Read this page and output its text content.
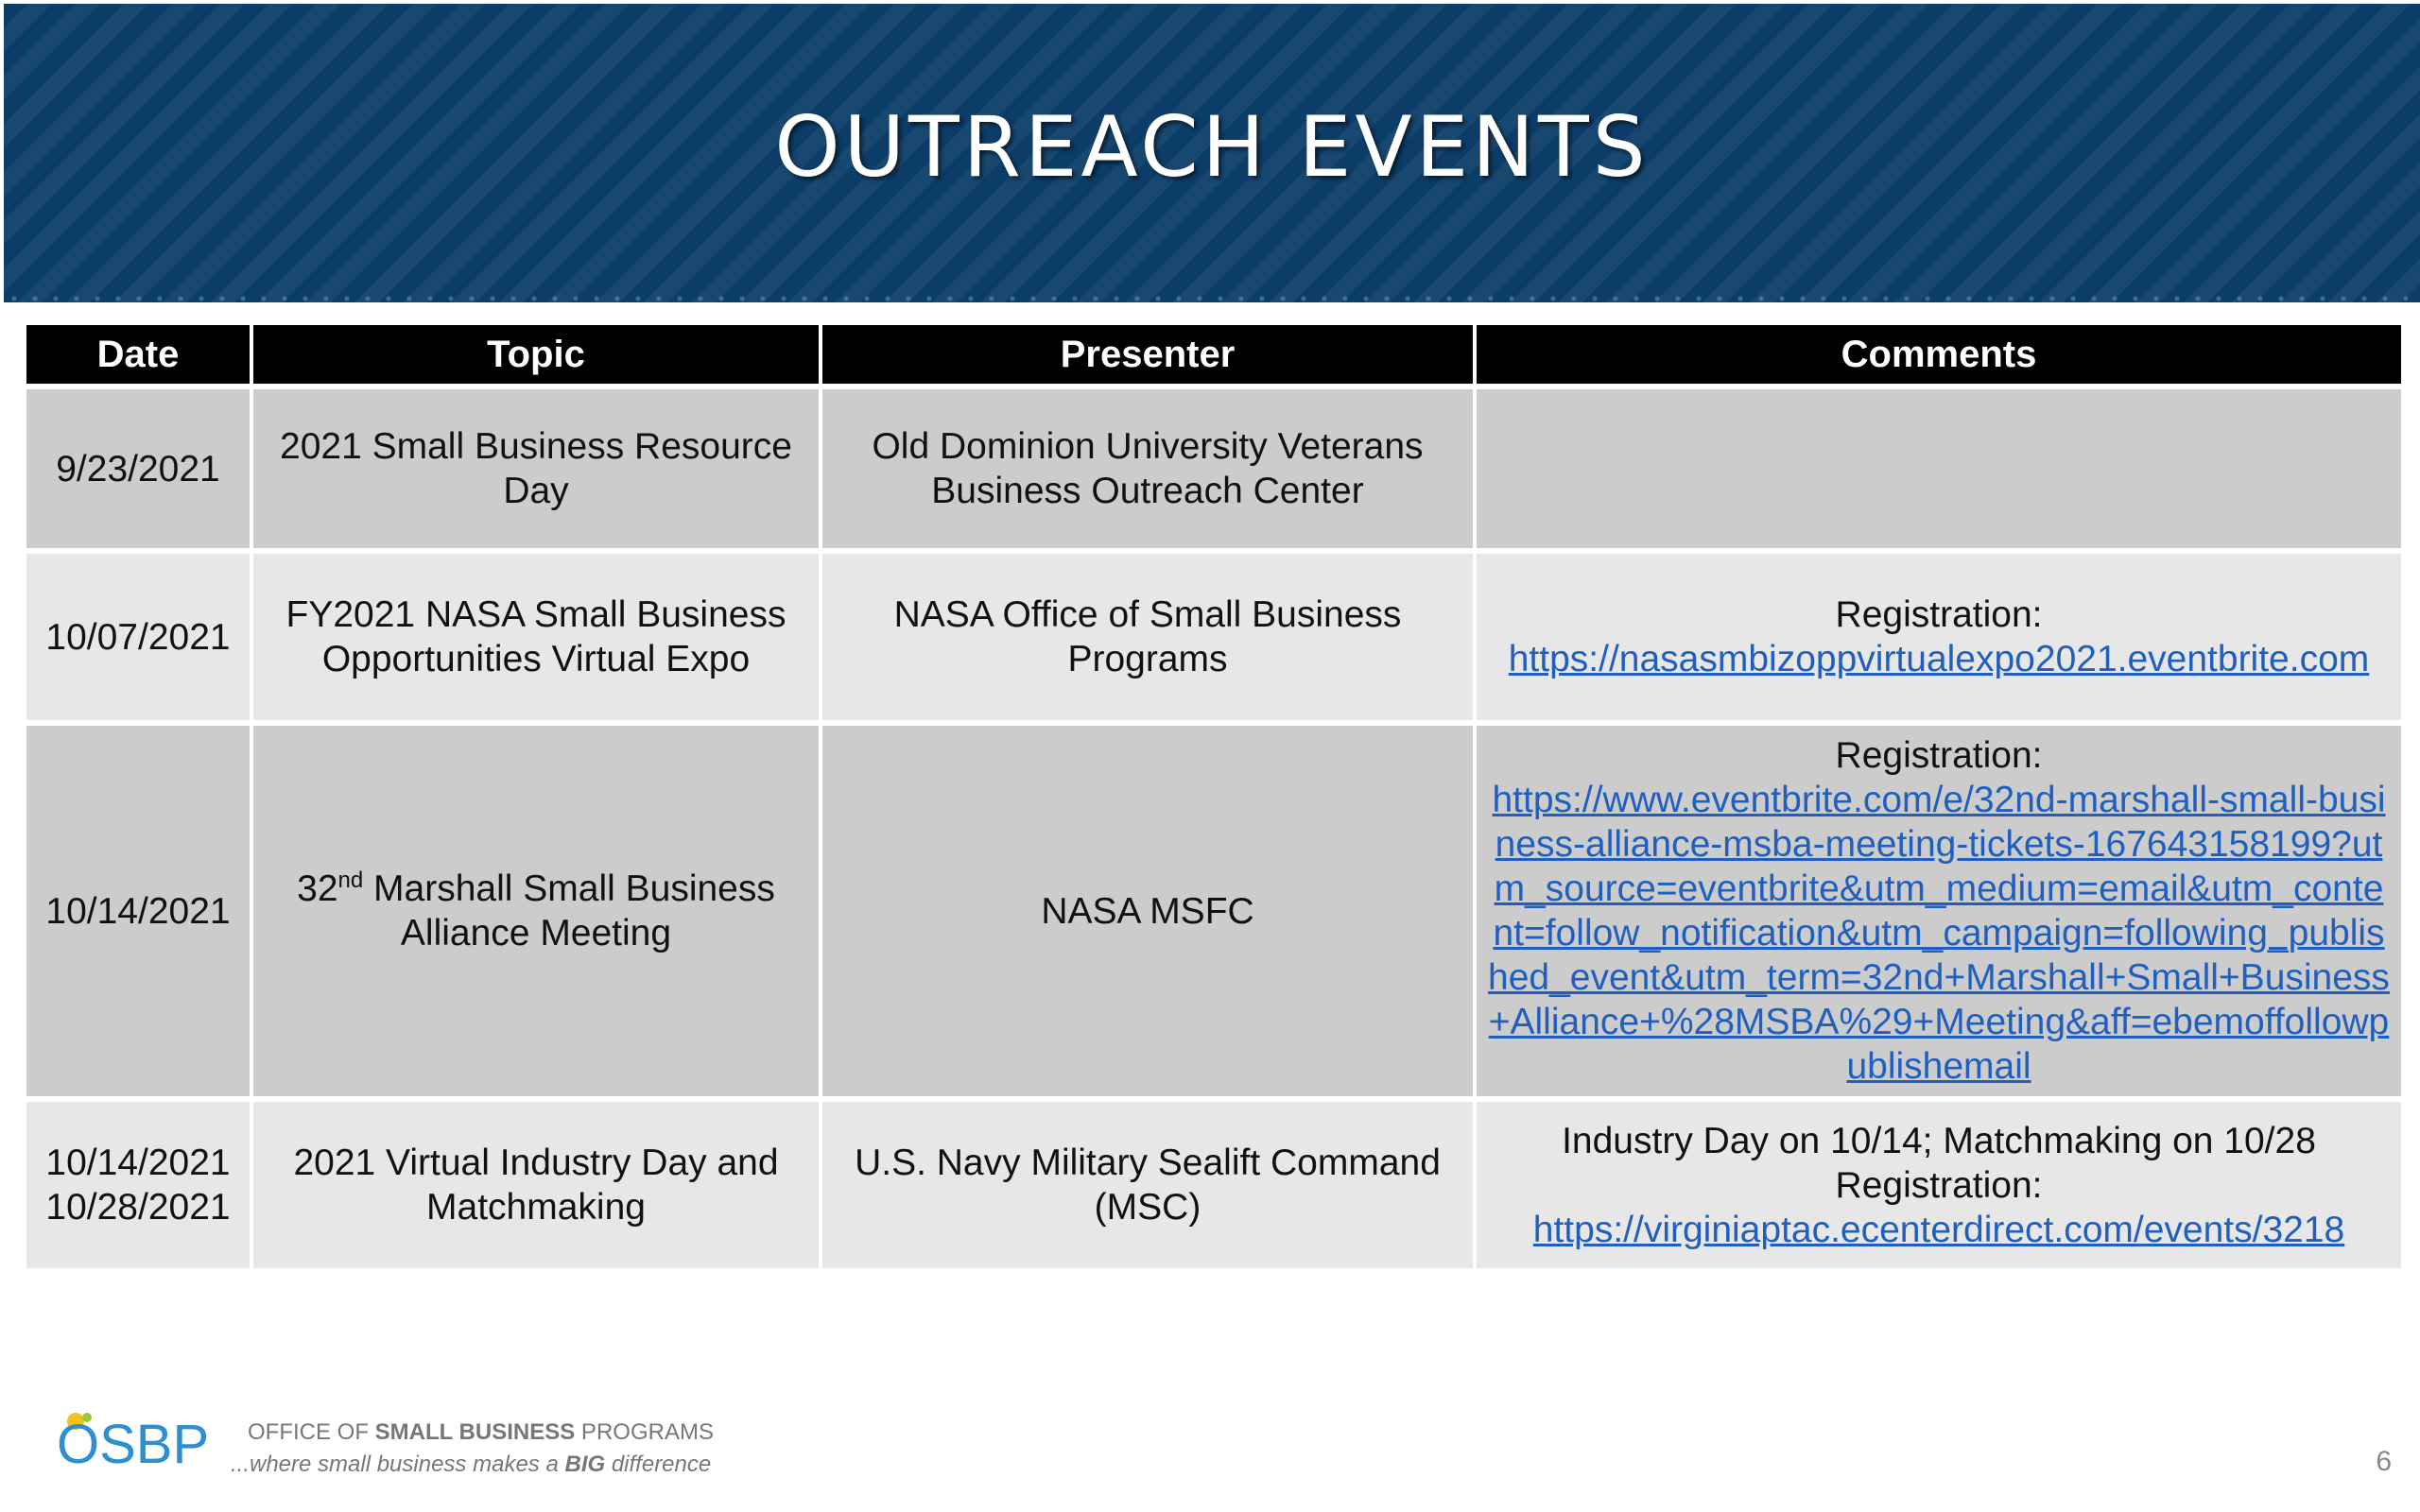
OUTREACH EVENTS
Date	Topic	Presenter	Comments
9/23/2021	2021 Small Business Resource Day	Old Dominion University Veterans Business Outreach Center	
10/07/2021	FY2021 NASA Small Business Opportunities Virtual Expo	NASA Office of Small Business Programs	Registration:
https://nasasmbizoppvirtualexpo2021.eventbrite.com

10/14/2021	32nd Marshall Small Business Alliance Meeting	NASA MSFC	Registration:
https://www.eventbrite.com/e/32nd-marshall-small-business-alliance-msba-meeting-tickets-167643158199?utm_source=eventbrite&utm_medium=email&utm_content=follow_notification&utm_campaign=following_published_event&utm_term=32nd+Marshall+Small+Business+Alliance+%28MSBA%29+Meeting&aff=ebemoffollowpublishemail

10/14/2021
10/28/2021	2021 Virtual Industry Day and Matchmaking	U.S. Navy Military Sealift Command (MSC)	Industry Day on 10/14; Matchmaking on 10/28
Registration:
https://virginiaptac.ecenterdirect.com/events/3218
OSBP OFFICE OF SMALL BUSINESS PROGRAMS
...where small business makes a BIG difference	6
